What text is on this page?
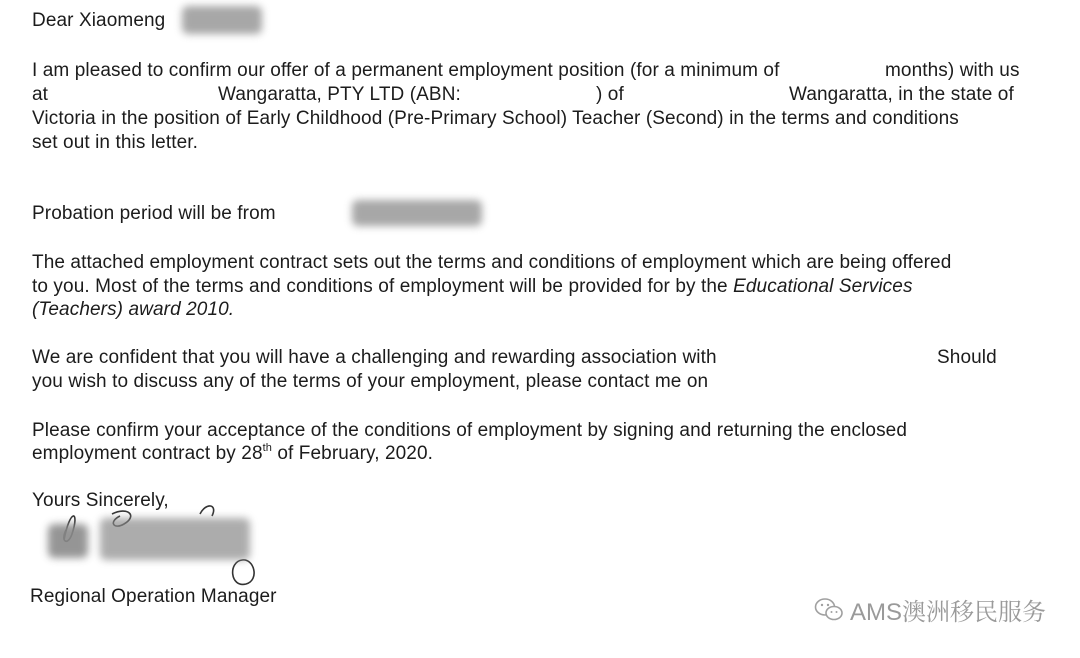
Dear Xiaomeng
I am pleased to confirm our offer of a permanent employment position (for a minimum of	months) with us
at	Wangaratta, PTY LTD (ABN:	) of	Wangaratta, in the state of
Victoria in the position of Early Childhood (Pre-Primary School) Teacher (Second) in the terms and conditions
set out in this letter.
Probation period will be from
The attached employment contract sets out the terms and conditions of employment which are being offered
to you. Most of the terms and conditions of employment will be provided for by the Educational Services
(Teachers) award 2010.
We are confident that you will have a challenging and rewarding association with	Should
you wish to discuss any of the terms of your employment, please contact me on
Please confirm your acceptance of the conditions of employment by signing and returning the enclosed
employment contract by 28th of February, 2020.
Yours Sincerely,
Regional Operation Manager
AMS澳洲移民服务
